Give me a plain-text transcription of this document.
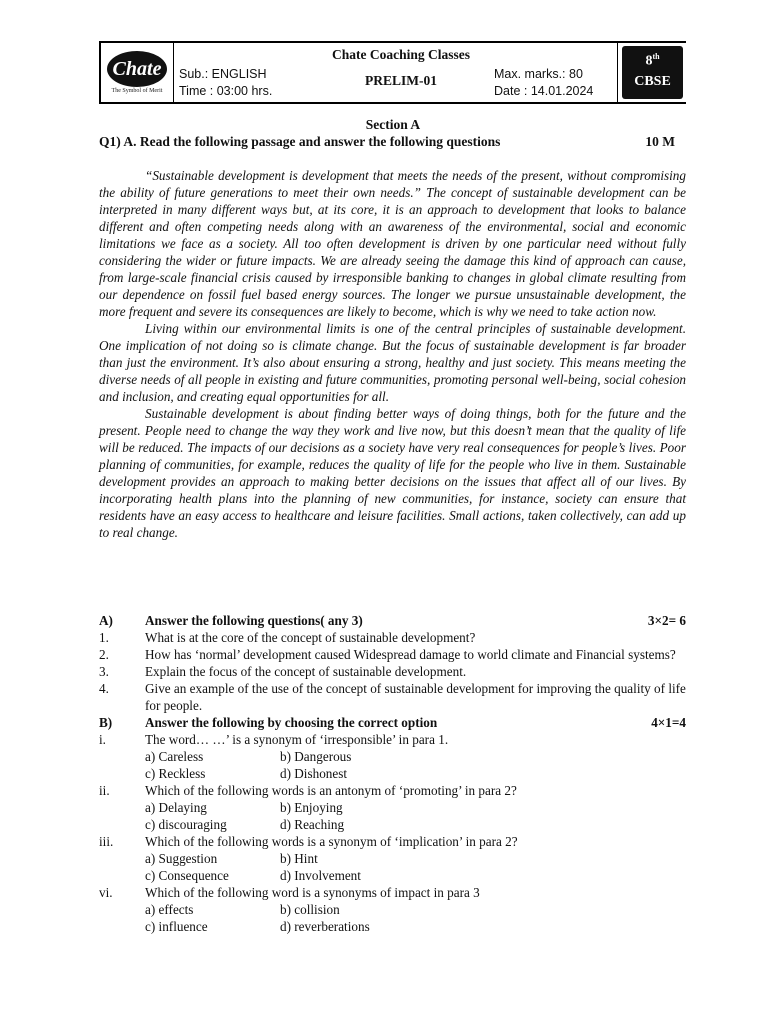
Chate
The Symbol of Merit
Chate Coaching Classes
Sub.: ENGLISH
Time : 03:00 hrs.
PRELIM-01	Max. marks.: 80
Date : 14.01.2024
8th
CBSE
Section A
Q1) A. Read the following passage and answer the following questions	10 M

“Sustainable development is development that meets the needs of the present, without compromising the ability of future generations to meet their own needs.” The concept of sustainable development can be interpreted in many different ways but, at its core, it is an approach to development that looks to balance different and often competing needs along with an awareness of the environmental, social and economic limitations we face as a society. All too often development is driven by one particular need without fully considering the wider or future impacts. We are already seeing the damage this kind of approach can cause, from large-scale financial crisis caused by irresponsible banking to changes in global climate resulting from our dependence on fossil fuel based energy sources. The longer we pursue unsustainable development, the more frequent and severe its consequences are likely to become, which is why we need to take action now.

Living within our environmental limits is one of the central principles of sustainable development. One implication of not doing so is climate change. But the focus of sustainable development is far broader than just the environment. It’s also about ensuring a strong, healthy and just society. This means meeting the diverse needs of all people in existing and future communities, promoting personal well-being, social cohesion and inclusion, and creating equal opportunities for all.

Sustainable development is about finding better ways of doing things, both for the future and the present. People need to change the way they work and live now, but this doesn’t mean that the quality of life will be reduced. The impacts of our decisions as a society have very real consequences for people’s lives. Poor planning of communities, for example, reduces the quality of life for the people who live in them. Sustainable development provides an approach to making better decisions on the issues that affect all of our lives. By incorporating health plans into the planning of new communities, for instance, society can ensure that residents have an easy access to healthcare and leisure facilities. Small actions, taken collectively, can add up to real change.

A) Answer the following questions( any 3)	3×2= 6
1.	What is at the core of the concept of sustainable development?
2.	How has ‘normal’ development caused Widespread damage to world climate and Financial systems?
3.	Explain the focus of the concept of sustainable development.
4.	Give an example of the use of the concept of sustainable development for improving the quality of life for people.
B) Answer the following by choosing the correct option	4×1=4
i.	The word… …’ is a synonym of ‘irresponsible’ in para 1.
a) Careless	b) Dangerous
c) Reckless	d) Dishonest
ii.	Which of the following words is an antonym of ‘promoting’ in para 2?
a) Delaying	b) Enjoying
c) discouraging	d) Reaching
iii. Which of the following words is a synonym of ‘implication’ in para 2?
a) Suggestion	b) Hint
c) Consequence	d) Involvement
vi. Which of the following word is a synonyms of impact in para 3
a) effects	b) collision
c) influence	d) reverberations
